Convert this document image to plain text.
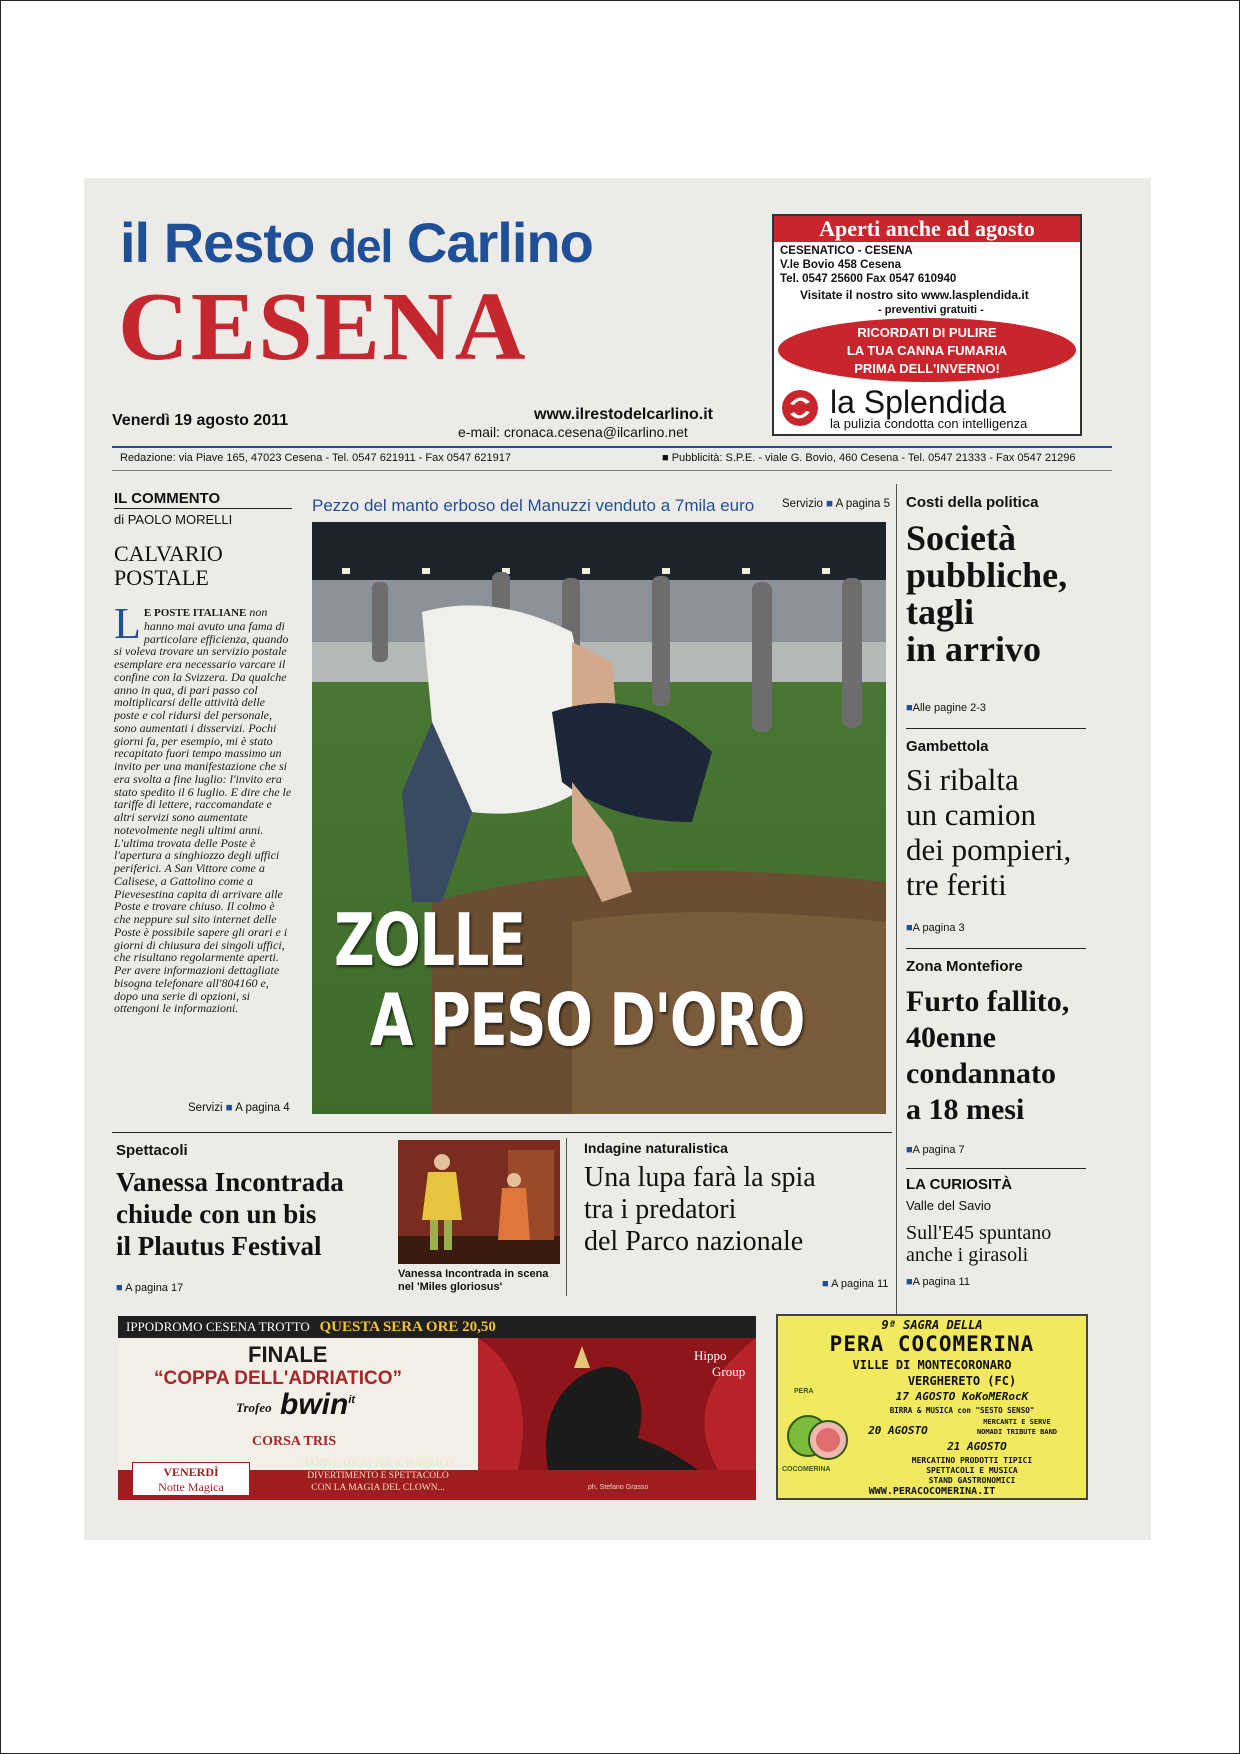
il Resto del Carlino
CESENA
Venerdì 19 agosto 2011	www.ilrestodelcarlino.it
e-mail: cronaca.cesena@ilcarlino.net
Redazione: via Piave 165, 47023 Cesena - Tel. 0547 621911 - Fax 0547 621917	■ Pubblicità: S.P.E. - viale G. Bovio, 460 Cesena - Tel. 0547 21333 - Fax 0547 21296
Aperti anche ad agosto
CESENATICO - CESENA
V.le Bovio 458 Cesena
Tel. 0547 25600 Fax 0547 610940
Visitate il nostro sito www.lasplendida.it
- preventivi gratuiti -
RICORDATI DI PULIRE
LA TUA CANNA FUMARIA
PRIMA DELL'INVERNO!
la Splendida
la pulizia condotta con intelligenza
IL COMMENTO
di PAOLO MORELLI
CALVARIO
POSTALE
L E POSTE ITALIANE non hanno mai avuto una fama di particolare efficienza, quando si voleva trovare un servizio postale esemplare era necessario varcare il confine con la Svizzera. Da qualche anno in qua, di pari passo col moltiplicarsi delle attività delle poste e col ridursi del personale, sono aumentati i disservizi. Pochi giorni fa, per esempio, mi è stato recapitato fuori tempo massimo un invito per una manifestazione che si era svolta a fine luglio: l'invito era stato spedito il 6 luglio. E dire che le tariffe di lettere, raccomandate e altri servizi sono aumentate notevolmente negli ultimi anni. L'ultima trovata delle Poste è l'apertura a singhiozzo degli uffici periferici. A San Vittore come a Calisese, a Gattolino come a Pievesestina capita di arrivare alle Poste e trovare chiuso. Il colmo è che neppure sul sito internet delle Poste è possibile sapere gli orari e i giorni di chiusura dei singoli uffici, che risultano regolarmente aperti. Per avere informazioni dettagliate bisogna telefonare all'804160 e, dopo una serie di opzioni, si ottengoni le informazioni.
Servizi ■ A pagina 4
Pezzo del manto erboso del Manuzzi venduto a 7mila euro Servizio ■ A pagina 5
ZOLLE
A PESO D'ORO
Costi della politica
Società
pubbliche,
tagli
in arrivo
■Alle pagine 2-3
Gambettola
Si ribalta
un camion
dei pompieri,
tre feriti
■A pagina 3
Zona Montefiore
Furto fallito,
40enne
condannato
a 18 mesi
■A pagina 7
LA CURIOSITÀ
Valle del Savio
Sull'E45 spuntano
anche i girasoli
■A pagina 11
Spettacoli
Vanessa Incontrada
chiude con un bis
il Plautus Festival
■ A pagina 17
Vanessa Incontrada in scena
nel 'Miles gloriosus'
Indagine naturalistica
Una lupa farà la spia
tra i predatori
del Parco nazionale
■ A pagina 11
IPPODROMO CESENA TROTTO QUESTA SERA ORE 20,50
Hippo
Group
FINALE
“COPPA DELL'ADRIATICO”
Trofeo bwin$^{it}$
CORSA TRIS
VENERDÌ
Notte Magica
TANTI GADGET PER IL PUBBLICO
DIVERTIMENTO E SPETTACOLO
CON LA MAGIA DEL CLOWN...	ph. Stefano Grasso
9ª SAGRA DELLA
PERA COCOMERINA
VILLE DI MONTECORONARO
VERGHERETO (FC)
17 AGOSTO KoKoMERocK
BIRRA & MUSICA con "SESTO SENSO"
20 AGOSTO
MERCANTI E SERVE
NOMADI TRIBUTE BAND
21 AGOSTO
MERCATINO PRODOTTI TIPICI
SPETTACOLI E MUSICA
STAND GASTRONOMICI
WWW.PERACOCOMERINA.IT
PERA
COCOMERINA
